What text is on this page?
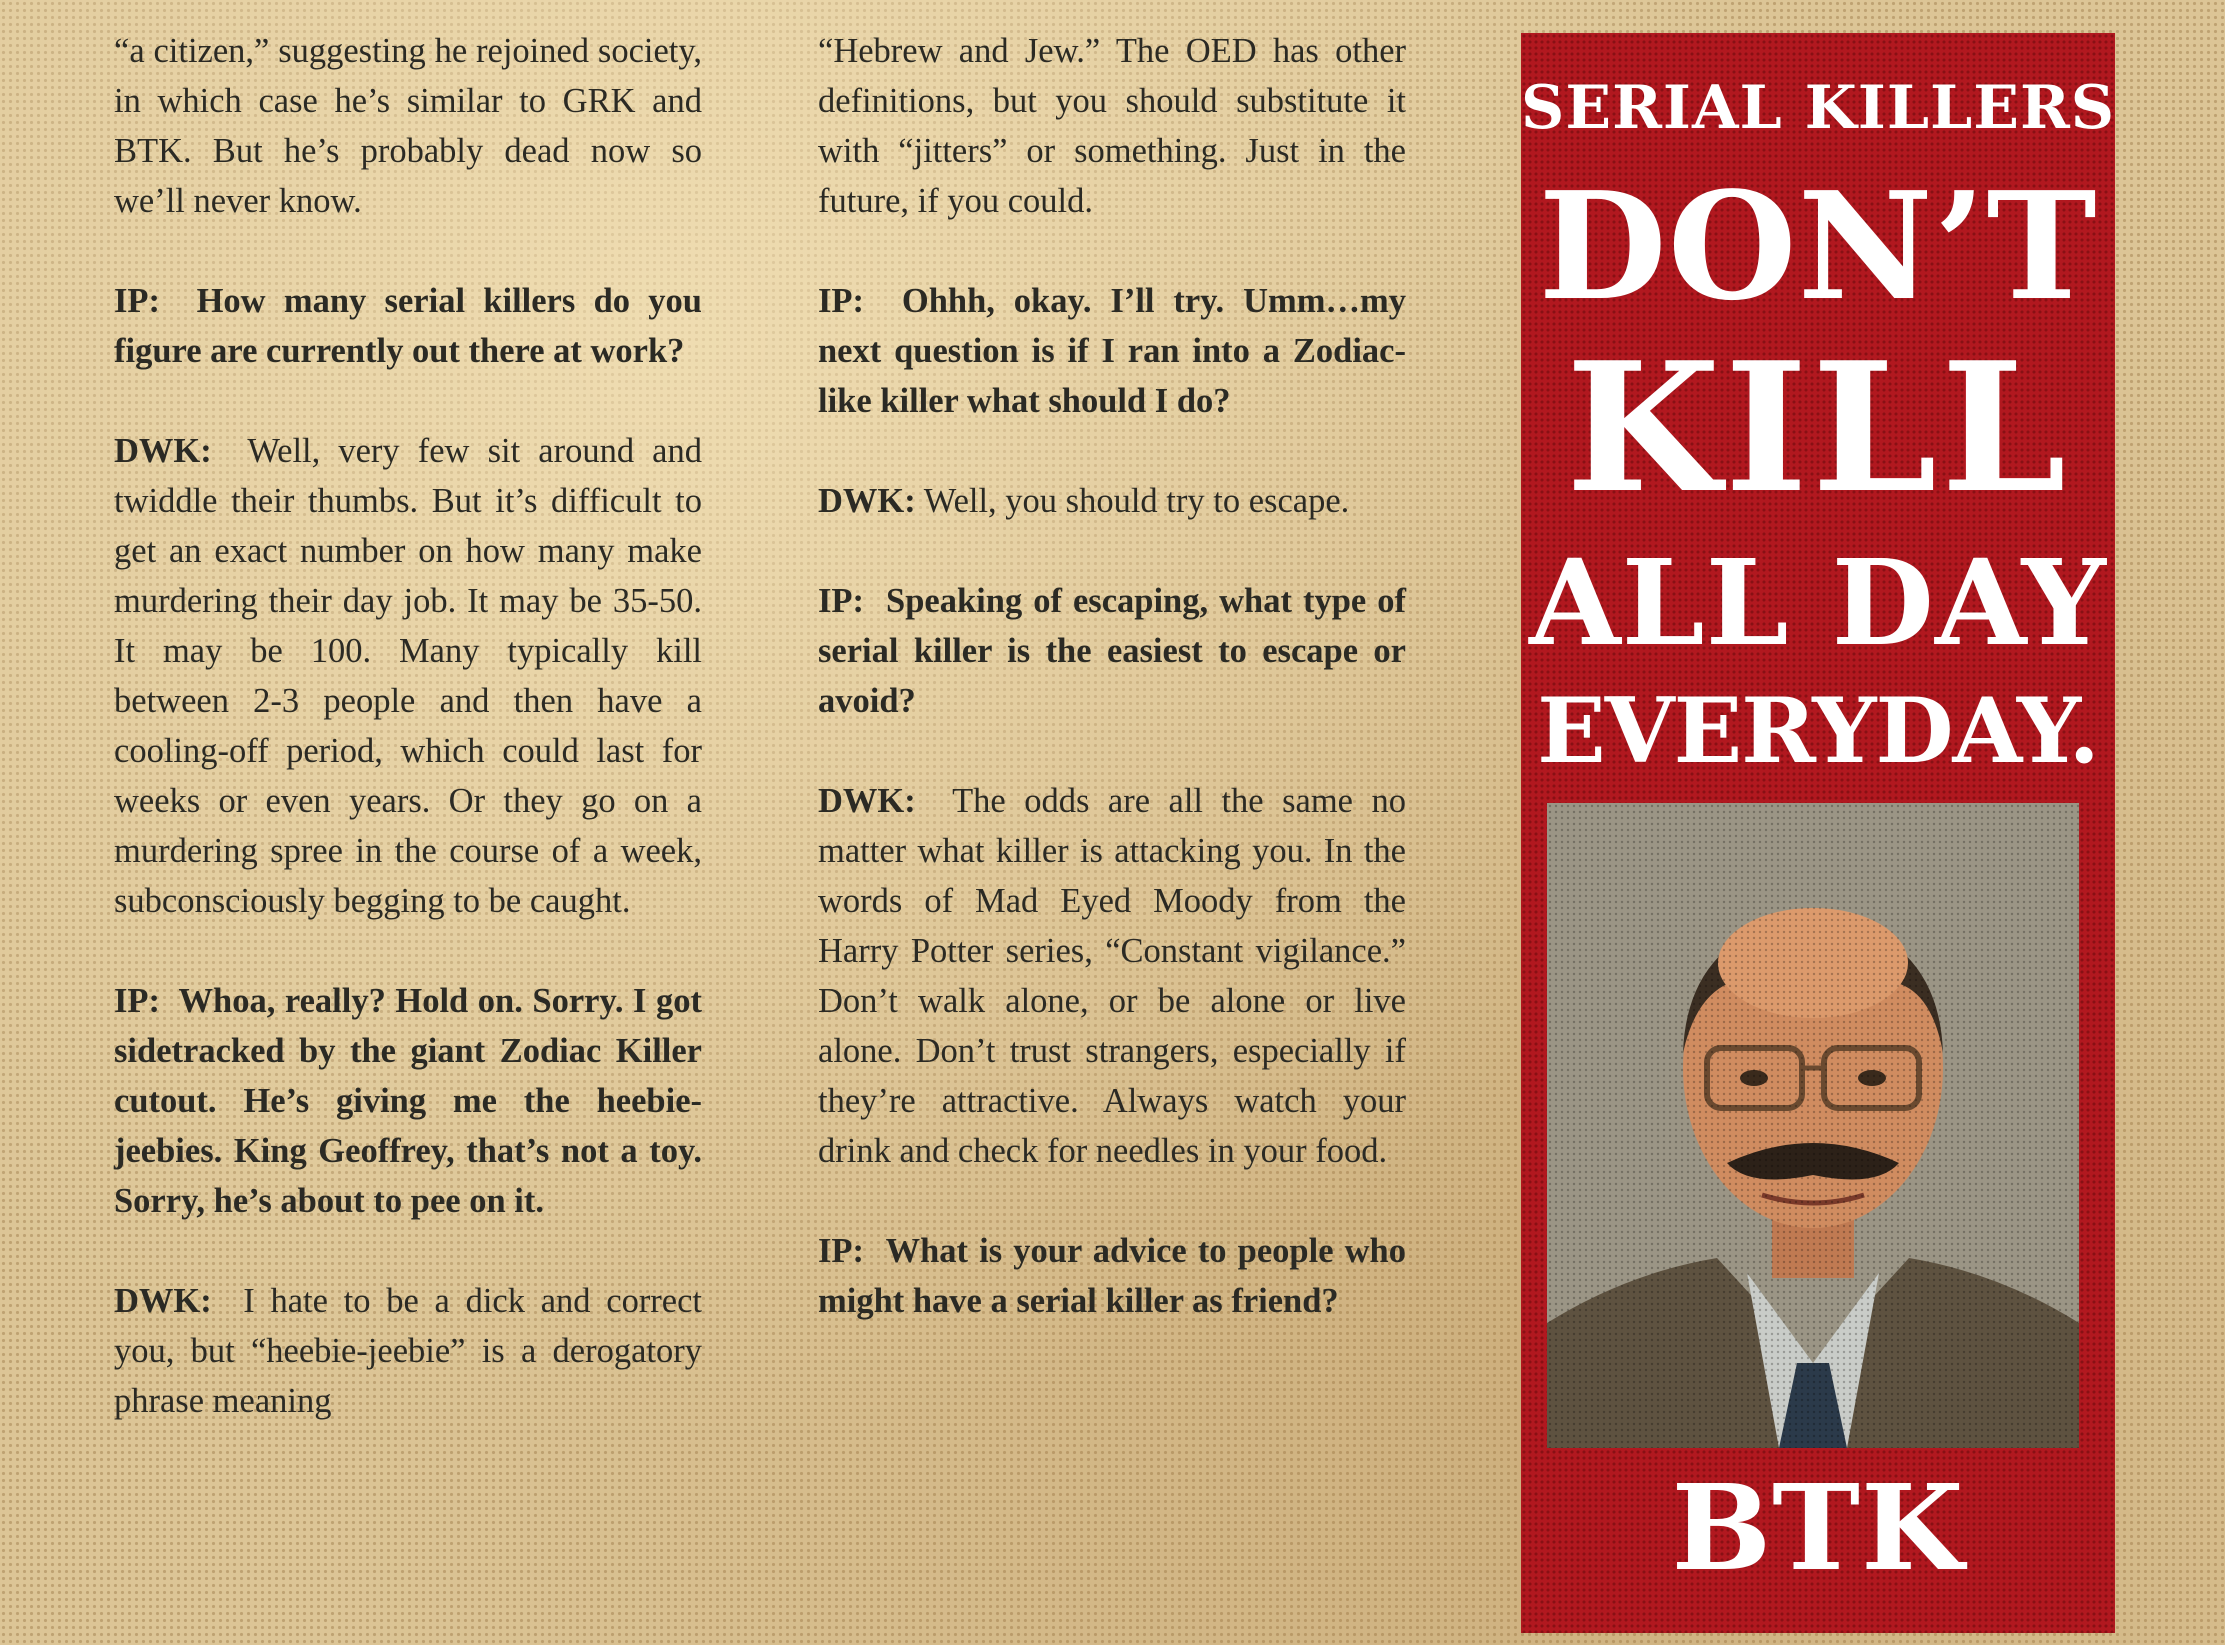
“a citizen,” suggesting he rejoined society, in which case he’s similar to GRK and BTK. But he’s probably dead now so we’ll never know.

IP: How many serial killers do you figure are currently out there at work?

DWK: Well, very few sit around and twiddle their thumbs. But it’s difficult to get an exact number on how many make murdering their day job. It may be 35-50. It may be 100. Many typically kill between 2-3 people and then have a cooling-off period, which could last for weeks or even years. Or they go on a murdering spree in the course of a week, subconsciously begging to be caught.

IP: Whoa, really? Hold on. Sorry. I got sidetracked by the giant Zodiac Killer cutout. He’s giving me the heebie-jeebies. King Geoffrey, that’s not a toy. Sorry, he’s about to pee on it.

DWK: I hate to be a dick and correct you, but “heebie-jeebie” is a derogatory phrase meaning

“Hebrew and Jew.” The OED has other definitions, but you should substitute it with “jitters” or something. Just in the future, if you could.

IP: Ohhh, okay. I’ll try. Umm…my next question is if I ran into a Zodiac-like killer what should I do?

DWK: Well, you should try to escape.

IP: Speaking of escaping, what type of serial killer is the easiest to escape or avoid?

DWK: The odds are all the same no matter what killer is attacking you. In the words of Mad Eyed Moody from the Harry Potter series, “Constant vigilance.” Don’t walk alone, or be alone or live alone. Don’t trust strangers, especially if they’re attractive. Always watch your drink and check for needles in your food.

IP: What is your advice to people who might have a serial killer as friend?

SERIAL KILLERS
DON’T
KILL
ALL DAY
EVERYDAY.
BTK
